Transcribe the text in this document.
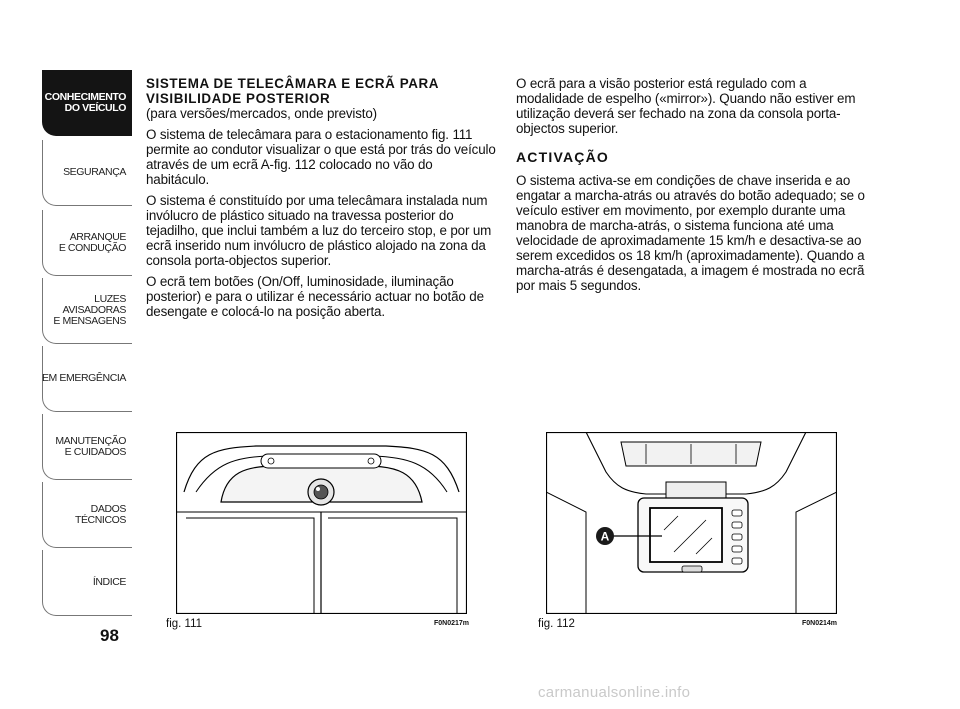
CONHECIMENTO
DO VEÍCULO
SEGURANÇA
ARRANQUE
E CONDUÇÃO
LUZES
AVISADORAS
E MENSAGENS
EM EMERGÊNCIA
MANUTENÇÃO
E CUIDADOS
DADOS
TÉCNICOS
ÍNDICE
98
SISTEMA DE TELECÂMARA E ECRÃ PARA
VISIBILIDADE POSTERIOR

(para versões/mercados, onde previsto)

O sistema de telecâmara para o estacionamento fig. 111 permite ao condutor visualizar o que está por trás do veículo através de um ecrã A-fig. 112 colocado no vão do habitáculo.

O sistema é constituído por uma telecâmara instalada num invólucro de plástico situado na travessa posterior do tejadilho, que inclui também a luz do terceiro stop, e por um ecrã inserido num invólucro de plástico alojado na zona da consola porta-objectos superior.

O ecrã tem botões (On/Off, luminosidade, iluminação posterior) e para o utilizar é necessário actuar no botão de desengate e colocá-lo na posição aberta.

O ecrã para a visão posterior está regulado com a modalidade de espelho («mirror»). Quando não estiver em utilização deverá ser fechado na zona da consola porta-objectos superior.

ACTIVAÇÃO

O sistema activa-se em condições de chave inserida e ao engatar a marcha-atrás ou através do botão adequado; se o veículo estiver em movimento, por exemplo durante uma manobra de marcha-atrás, o sistema funciona até uma velocidade de aproximadamente 15 km/h e desactiva-se ao serem excedidos os 18 km/h (aproximadamente). Quando a marcha-atrás é desengatada, a imagem é mostrada no ecrã por mais 5 segundos.

fig. 111	F0N0217m
A
fig. 112	F0N0214m
carmanualsonline.info
